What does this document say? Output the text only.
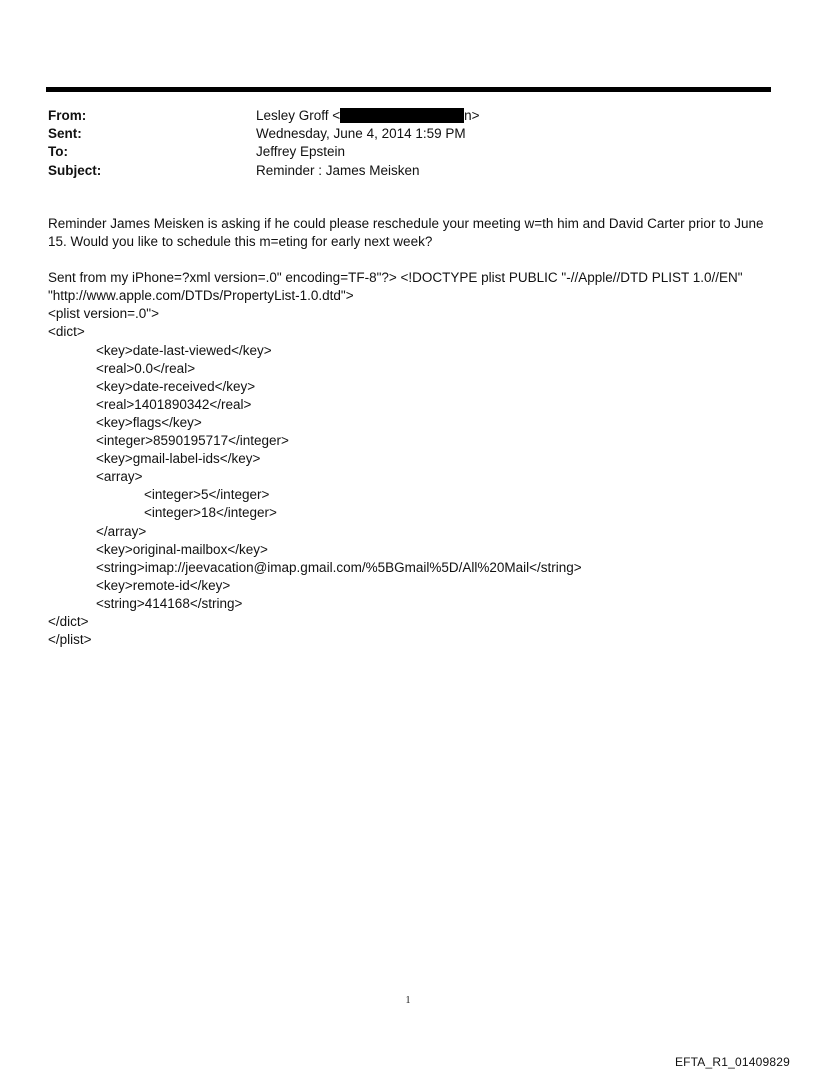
From:	Lesley Groff <	n>
Sent:	Wednesday, June 4, 2014 1:59 PM
To:	Jeffrey Epstein
Subject:	Reminder : James Meisken

Reminder James Meisken is asking if he could please reschedule your meeting w=th him and David Carter prior to June 15. Would you like to schedule this m=eting for early next week?

Sent from my iPhone=?xml version=.0" encoding=TF-8"?> <!DOCTYPE plist PUBLIC "-//Apple//DTD PLIST 1.0//EN"
"http://www.apple.com/DTDs/PropertyList-1.0.dtd">
<plist version=.0">
<dict>
<key>date-last-viewed</key>
<real>0.0</real>
<key>date-received</key>
<real>1401890342</real>
<key>flags</key>
<integer>8590195717</integer>
<key>gmail-label-ids</key>
<array>
<integer>5</integer>
<integer>18</integer>
</array>
<key>original-mailbox</key>
<string>imap://jeevacation@imap.gmail.com/%5BGmail%5D/All%20Mail</string>
<key>remote-id</key>
<string>414168</string>
</dict>
</plist>
1
EFTA_R1_01409829
